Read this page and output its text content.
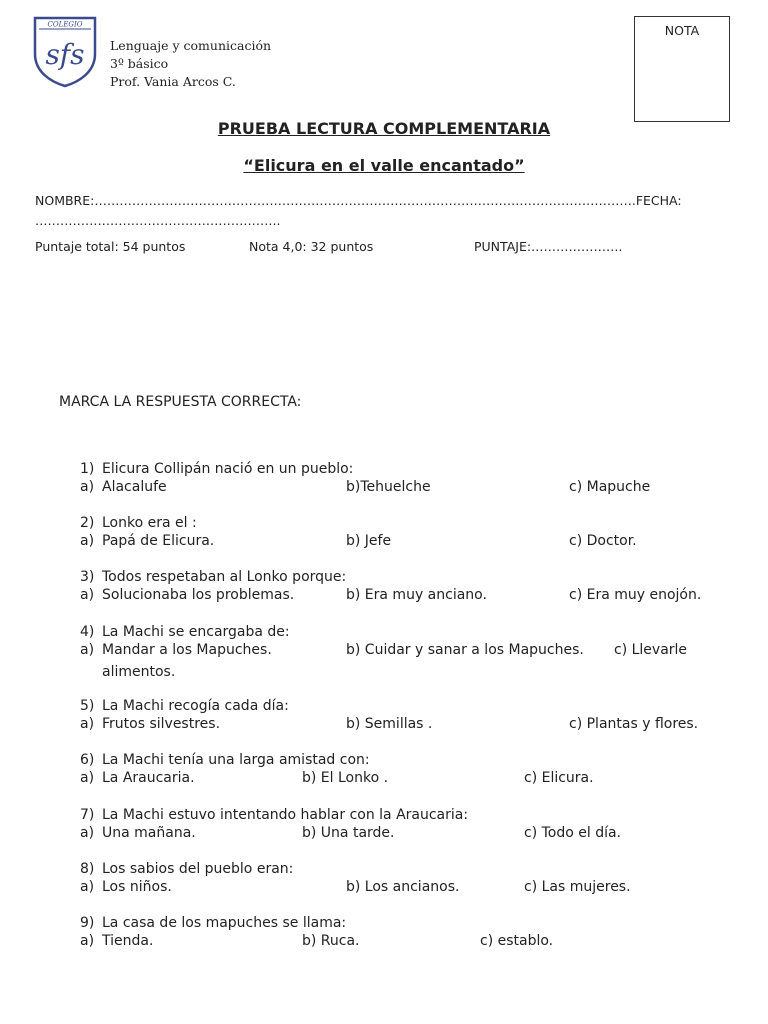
COLEGIO
sfs Lenguaje y comunicación
3º básico
Prof. Vania Arcos C.
NOTA
PRUEBA LECTURA COMPLEMENTARIA
“Elicura en el valle encantado”
NOMBRE:………………………………………………………………………………………………………………….FECHA:
…………………………………………………..
Puntaje total: 54 puntos	Nota 4,0: 32 puntos	PUNTAJE:………………….
MARCA LA RESPUESTA CORRECTA:
1) Elicura Collipán nació en un pueblo:
a) Alacalufe	b)Tehuelche	c) Mapuche
2) Lonko era el :
a) Papá de Elicura.	b) Jefe	c) Doctor.
3) Todos respetaban al Lonko porque:
a) Solucionaba los problemas.	b) Era muy anciano.	c) Era muy enojón.
4) La Machi se encargaba de:
a) Mandar a los Mapuches.	b) Cuidar y sanar a los Mapuches. c) Llevarle
alimentos.
5) La Machi recogía cada día:
a) Frutos silvestres.	b) Semillas .	c) Plantas y flores.
6) La Machi tenía una larga amistad con:
a) La Araucaria.	b) El Lonko .	c) Elicura.
7) La Machi estuvo intentando hablar con la Araucaria:
a) Una mañana.	b) Una tarde.	c) Todo el día.
8) Los sabios del pueblo eran:
a) Los niños.	b) Los ancianos.	c) Las mujeres.
9) La casa de los mapuches se llama:
a) Tienda.	b) Ruca.	c) establo.
